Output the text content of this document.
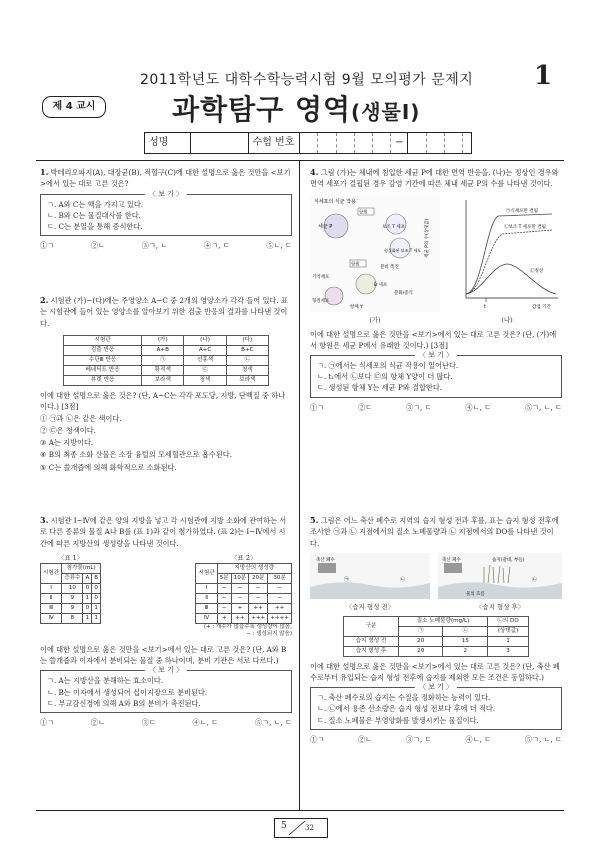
2011학년도 대학수학능력시험 9월 모의평가 문제지 1
제 4 교시	과학탐구 영역(생물Ⅰ)
성명	수험 번호	−
1. 박테리오파지(A), 대장균(B), 적혈구(C)에 대한 설명으로 옳은 것만을 <보기>에서 있는 대로 고른 것은?
〈 보 기 〉
ㄱ. A와 C는 핵을 가지고 있다.
ㄴ. B와 C는 물질대사를 한다.
ㄷ. C는 분열을 통해 증식한다.
①ㄱ	②ㄴ	③ㄱ, ㄴ	④ㄱ, ㄷ	⑤ㄴ, ㄷ
2. 시험관 (가)~(다)에는 주영양소 A~C 중 2개의 영양소가 각각 들어 있다. 표는 시험관에 들어 있는 영양소를 알아보기 위한 검출 반응의 결과를 나타낸 것이다.
시험관	(가)	(나)	(다)
검출 반응	A+B	A+C	B+C
수단Ⅲ 반응	㉠	선홍색	㉡
베네딕트 반응	황적색	㉢	청색
뷰렛 반응	보라색	청색	보라색
이에 대한 설명으로 옳은 것은? (단, A~C는 각각 포도당, 지방, 단백질 중 하나이다.) [3점]
① ㉠과 ㉡은 같은 색이다.
② ㉢은 청색이다.
③ A는 지방이다.
④ B의 최종 소화 산물은 소장 융털의 모세혈관으로 흡수된다.
⑤ C는 쓸개즙에 의해 화학적으로 소화된다.
3. 시험관 Ⅰ~Ⅳ에 같은 양의 지방을 넣고 각 시험관에 지방 소화에 관여하는 서로 다른 종류의 물질 A나 B를 (표 1)과 같이 첨가하였다. (표 2)는 Ⅰ~Ⅳ에서 시간에 따른 지방산의 생성량을 나타낸 것이다.
〈표 1〉
시험관	첨가물(mL)		
	증류수	A	B
Ⅰ	10	0	0
Ⅱ	9	1	0
Ⅲ	9	0	1
Ⅳ	8	1	1
〈표 2〉
시험관	지방산의 생성량			
	5분	10분	20분	30분
Ⅰ	−	−	−	−
Ⅱ	−	−	−	−
Ⅲ	−	+	++	++
Ⅳ	+	++	+++	++++
(+ : 개수가 많을수록 생성량이 많음,
− : 생성되지 않음)
이에 대한 설명으로 옳은 것만을 <보기>에서 있는 대로 고른 것은? (단, A와 B는 쓸개즙과 이자에서 분비되는 물질 중 하나이며, 분비 기관은 서로 다르다.)
〈 보 기 〉
ㄱ. A는 지방산을 분해하는 효소이다.
ㄴ. B는 이자에서 생성되어 십이지장으로 분비된다.
ㄷ. 부교감신경에 의해 A와 B의 분비가 촉진된다.
①ㄱ	②ㄴ	③ㄷ	④ㄴ, ㄷ	⑤ㄱ, ㄴ, ㄷ
4. 그림 (가)는 체내에 침입한 세균 P에 대한 면역 반응을, (나)는 정상인 경우와 면역 세포가 결핍된 경우 감염 기간에 따른 체내 세균 P의 수를 나타낸 것이다.
식세포의 식균 작용
세균 P
항원
보조 T 세포
형질화된 보조 T 세포
항원	분비 촉진
기억세포
B 세포
분화/증식
형질세포
항체 Y
(가)
세균 P의 수(상댓값)
㉠식세포만 결핍
㉡보조 T 세포만 결핍
㉢정상
t	감염 기간
(나)
이에 대한 설명으로 옳은 것만을 <보기>에서 있는 대로 고른 것은? (단, (가)에서 항원은 세균 P에서 유래한 것이다.) [3점]
〈 보 기 〉
ㄱ. ㉠에서는 식세포의 식균 작용이 일어난다.
ㄴ. t₁에서 ㉡보다 ㉢의 항체 Y양이 더 많다.
ㄷ. 생성된 항체 Y는 세균 P와 결합한다.
①ㄱ	②ㄷ	③ㄱ, ㄷ	④ㄴ, ㄷ	⑤ㄱ, ㄴ, ㄷ
5. 그림은 어느 축산 폐수로 지역의 습지 형성 전과 후를, 표는 습지 형성 전후에 조사한 ㉠과 ㉡ 지점에서의 질소 노폐물량과 ㉡ 지점에서의 DO를 나타낸 것이다.
축산 폐수
㉠	㉡
〈습지 형성 전〉
축산 폐수	습지(갈대, 부들)
물의 흐름
㉡
〈습지 형성 후〉
구분	질소 노폐물량(mg/L)		㉡의 DO
	㉠	㉡	(상댓값)
습지 형성 전	20	15	1
습지 형성 후	20	2	3
이에 대한 설명으로 옳은 것만을 <보기>에서 있는 대로 고른 것은? (단, 축산 폐수로부터 유입되는 습지 형성 전후에 습지를 제외한 모든 조건은 동일하다.)
〈 보 기 〉
ㄱ. 축산 폐수로의 습지는 수질을 정화하는 능력이 있다.
ㄴ. ㉡에서 용존 산소량은 습지 형성 전보다 후에 더 적다.
ㄷ. 질소 노폐물은 부영양화를 발생시키는 물질이다.
①ㄱ	②ㄴ	③ㄱ, ㄷ	④ㄴ, ㄷ	⑤ㄱ, ㄴ, ㄷ
5	32
